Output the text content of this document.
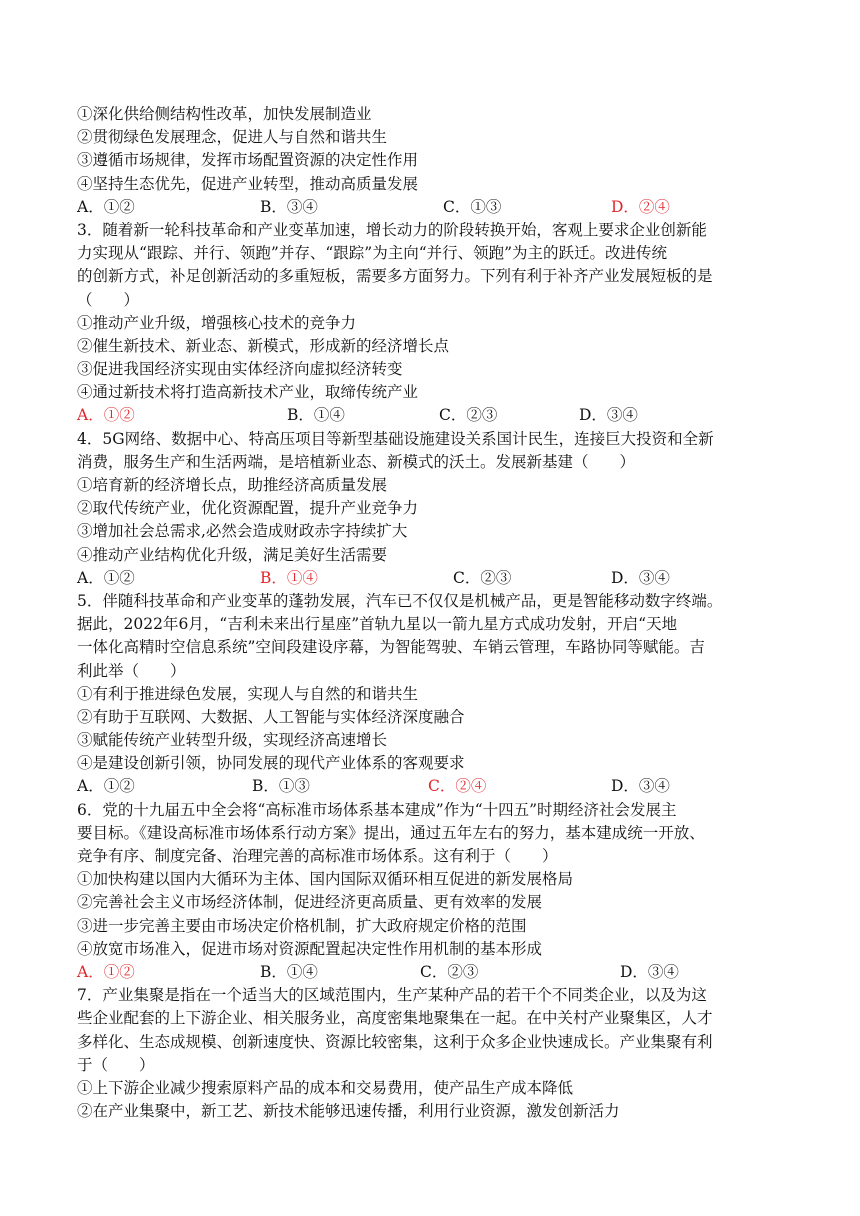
①深化供给侧结构性改革，加快发展制造业
②贯彻绿色发展理念，促进人与自然和谐共生
③遵循市场规律，发挥市场配置资源的决定性作用
④坚持生态优先，促进产业转型，推动高质量发展
A．①②	B．③④	C．①③	D．②④
3．随着新一轮科技革命和产业变革加速，增长动力的阶段转换开始，客观上要求企业创新能
力实现从“跟踪、并行、领跑”并存、“跟踪”为主向“并行、领跑”为主的跃迁。改进传统
的创新方式，补足创新活动的多重短板，需要多方面努力。下列有利于补齐产业发展短板的是
（　　）
①推动产业升级，增强核心技术的竞争力
②催生新技术、新业态、新模式，形成新的经济增长点
③促进我国经济实现由实体经济向虚拟经济转变
④通过新技术将打造高新技术产业，取缔传统产业
A．①②	B．①④	C．②③	D．③④
4．5G网络、数据中心、特高压项目等新型基础设施建设关系国计民生，连接巨大投资和全新
消费，服务生产和生活两端，是培植新业态、新模式的沃土。发展新基建（　　）
①培育新的经济增长点，助推经济高质量发展
②取代传统产业，优化资源配置，提升产业竞争力
③增加社会总需求,必然会造成财政赤字持续扩大
④推动产业结构优化升级，满足美好生活需要
A．①②	B．①④	C．②③	D．③④
5．伴随科技革命和产业变革的蓬勃发展，汽车已不仅仅是机械产品，更是智能移动数字终端。
据此，2022年6月，“吉利未来出行星座”首轨九星以一箭九星方式成功发射，开启“天地
一体化高精时空信息系统”空间段建设序幕，为智能驾驶、车销云管理，车路协同等赋能。吉
利此举（　　）
①有利于推进绿色发展，实现人与自然的和谐共生
②有助于互联网、大数据、人工智能与实体经济深度融合
③赋能传统产业转型升级，实现经济高速增长
④是建设创新引领，协同发展的现代产业体系的客观要求
A．①②	B．①③	C．②④	D．③④
6．党的十九届五中全会将“高标准市场体系基本建成”作为“十四五”时期经济社会发展主
要目标。《建设高标准市场体系行动方案》提出，通过五年左右的努力，基本建成统一开放、
竞争有序、制度完备、治理完善的高标准市场体系。这有利于（　　）
①加快构建以国内大循环为主体、国内国际双循环相互促进的新发展格局
②完善社会主义市场经济体制，促进经济更高质量、更有效率的发展
③进一步完善主要由市场决定价格机制，扩大政府规定价格的范围
④放宽市场准入，促进市场对资源配置起决定性作用机制的基本形成
A．①②	B．①④	C．②③	D．③④
7．产业集聚是指在一个适当大的区域范围内，生产某种产品的若干个不同类企业，以及为这
些企业配套的上下游企业、相关服务业，高度密集地聚集在一起。在中关村产业聚集区，人才
多样化、生态成规模、创新速度快、资源比较密集，这利于众多企业快速成长。产业集聚有利
于（　　）
①上下游企业减少搜索原料产品的成本和交易费用，使产品生产成本降低
②在产业集聚中，新工艺、新技术能够迅速传播，利用行业资源，激发创新活力
